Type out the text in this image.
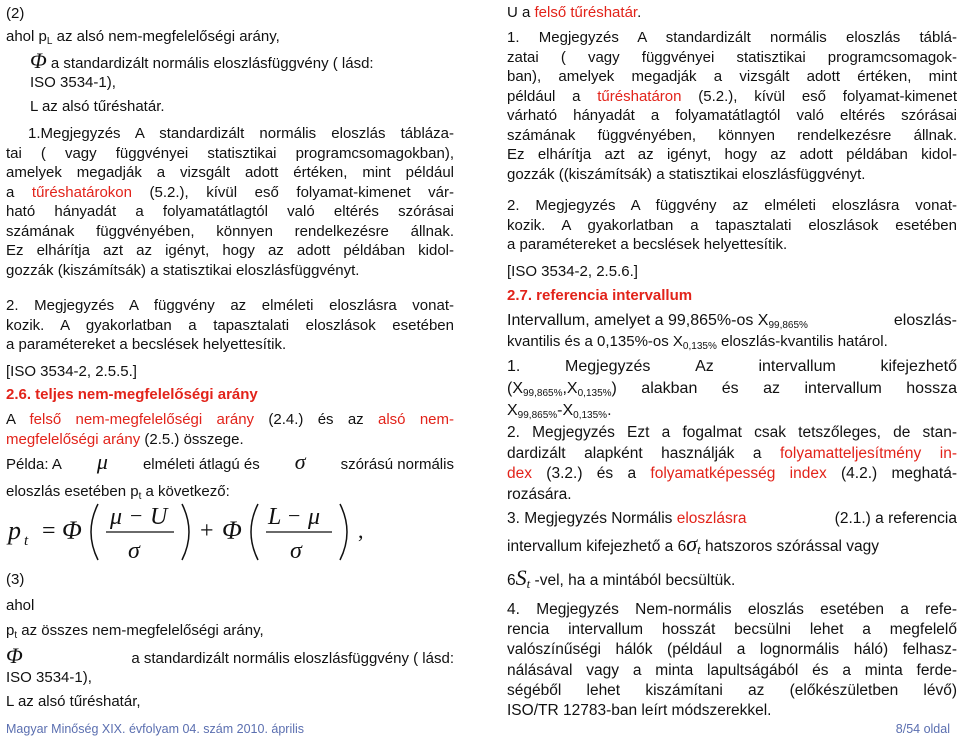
(2)
ahol $p_L$ az alsó nem-megfelelőségi arány,
Φ a standardizált normális eloszlásfüggvény ( lásd:
ISO 3534-1),
L az alsó tűréshatár.
1.Megjegyzés A standardizált normális eloszlás tábláza-
tai ( vagy függvényei statisztikai programcsomagokban),
amelyek megadják a vizsgált adott értéken, mint például
a tűréshatárokon (5.2.), kívül eső folyamat-kimenet vár-
ható hányadát a folyamatátlagtól való eltérés szórásai
számának függvényében, könnyen rendelkezésre állnak.
Ez elhárítja azt az igényt, hogy az adott példában kidol-
gozzák (kiszámítsák) a statisztikai eloszlásfüggvényt.
2. Megjegyzés A függvény az elméleti eloszlásra vonat-
kozik. A gyakorlatban a tapasztalati eloszlások esetében
a paramétereket a becslések helyettesítik.
[ISO 3534-2, 2.5.5.]
2.6. teljes nem-megfelelőségi arány
A felső nem-megfelelőségi arány (2.4.) és az alsó nem-
megfelelőségi arány (2.5.) összege.
Példa: A μ elméleti átlagú és σ szórású normális
eloszlás esetében $p_t$ a következő:
(3)
ahol
$p_t$ az összes nem-megfelelőségi arány,
Φ	a standardizált normális eloszlásfüggvény ( lásd:
ISO 3534-1),
L az alsó tűréshatár,
p t = Φ μ − U
σ
+ Φ L − μ
σ
,
U a felső tűréshatár.
1. Megjegyzés A standardizált normális eloszlás táblá-
zatai ( vagy függvényei statisztikai programcsomagok-
ban), amelyek megadják a vizsgált adott értéken, mint
például a tűréshatáron (5.2.), kívül eső folyamat-kimenet
várható hányadát a folyamatátlagtól való eltérés szórásai
számának függvényében, könnyen rendelkezésre állnak.
Ez elhárítja azt az igényt, hogy az adott példában kidol-
gozzák ((kiszámítsák) a statisztikai eloszlásfüggvényt.
2. Megjegyzés A függvény az elméleti eloszlásra vonat-
kozik. A gyakorlatban a tapasztalati eloszlások esetében
a paramétereket a becslések helyettesítik.
[ISO 3534-2, 2.5.6.]
2.7. referencia intervallum
Intervallum, amelyet a 99,865%-os $X_{99,865\%}$	eloszlás-
kvantilis és a 0,135%-os $X_{0,135\%}$ eloszlás-kvantilis határol.
1.	Megjegyzés	Az	intervallum	kifejezhető
$(X_{99,865\%},X_{0,135\%})$ alakban és az intervallum hossza
$X_{99,865\%}-X_{0,135\%}$.
2. Megjegyzés Ezt a fogalmat csak tetszőleges, de stan-
dardizált alapként használják a folyamatteljesítmény in-
dex (3.2.) és a folyamatképesség index (4.2.) meghatá-
rozására.
3. Megjegyzés Normális eloszlásra	(2.1.) a referencia
intervallum kifejezhető a $6\sigma_t$ hatszoros szórással vagy
$6S_t$ -vel, ha a mintából becsültük.
4. Megjegyzés Nem-normális eloszlás esetében a refe-
rencia intervallum hosszát becsülni lehet a megfelelő
valószínűségi hálók (például a lognormális háló) felhasz-
nálásával vagy a minta lapultságából és a minta ferde-
ségéből lehet kiszámítani az (előkészületben lévő)
ISO/TR 12783-ban leírt módszerekkel.
Magyar Minőség XIX. évfolyam 04. szám 2010. április	8/54 oldal
